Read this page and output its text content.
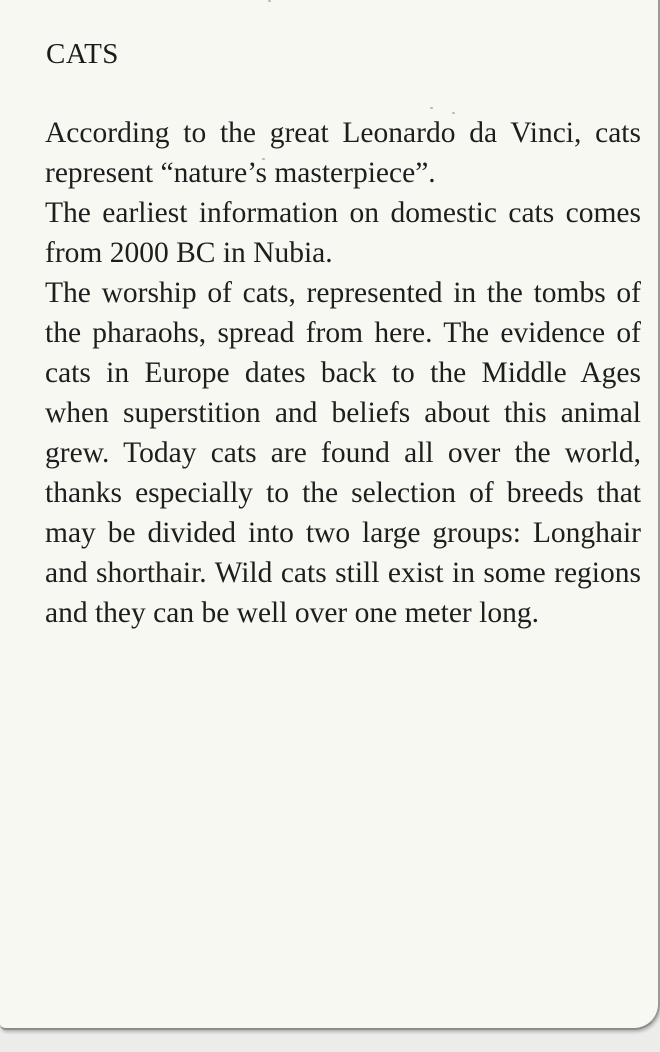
CATS

According to the great Leonardo da Vinci, cats represent “nature’s masterpiece”.

The earliest information on domestic cats comes from 2000 BC in Nubia.

The worship of cats, represented in the tombs of the pharaohs, spread from here. The evidence of cats in Europe dates back to the Middle Ages when superstition and beliefs about this animal grew. Today cats are found all over the world, thanks especially to the selection of breeds that may be divided into two large groups: Longhair and shorthair. Wild cats still exist in some regions and they can be well over one meter long.
